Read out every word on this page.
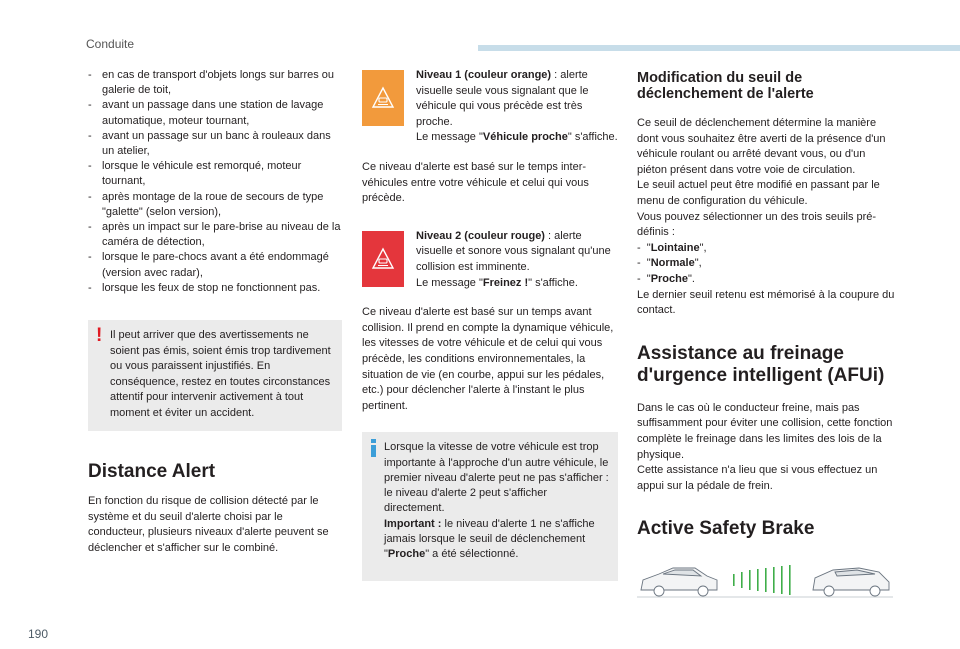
Conduite
190
- en cas de transport d'objets longs sur barres ou galerie de toit,
- avant un passage dans une station de lavage automatique, moteur tournant,
- avant un passage sur un banc à rouleaux dans un atelier,
- lorsque le véhicule est remorqué, moteur tournant,
- après montage de la roue de secours de type "galette" (selon version),
- après un impact sur le pare-brise au niveau de la caméra de détection,
- lorsque le pare-chocs avant a été endommagé (version avec radar),
- lorsque les feux de stop ne fonctionnent pas.
! Il peut arriver que des avertissements ne soient pas émis, soient émis trop tardivement ou vous paraissent injustifiés. En conséquence, restez en toutes circonstances attentif pour intervenir activement à tout moment et éviter un accident.
Distance Alert
En fonction du risque de collision détecté par le système et du seuil d'alerte choisi par le conducteur, plusieurs niveaux d'alerte peuvent se déclencher et s'afficher sur le combiné.
Niveau 1 (couleur orange) : alerte visuelle seule vous signalant que le véhicule qui vous précède est très proche.
Le message "Véhicule proche" s'affiche.
Ce niveau d'alerte est basé sur le temps inter-véhicules entre votre véhicule et celui qui vous précède.
Niveau 2 (couleur rouge) : alerte visuelle et sonore vous signalant qu'une collision est imminente.
Le message "Freinez !" s'affiche.
Ce niveau d'alerte est basé sur un temps avant collision. Il prend en compte la dynamique véhicule, les vitesses de votre véhicule et de celui qui vous précède, les conditions environnementales, la situation de vie (en courbe, appui sur les pédales, etc.) pour déclencher l'alerte à l'instant le plus pertinent.
Lorsque la vitesse de votre véhicule est trop importante à l'approche d'un autre véhicule, le premier niveau d'alerte peut ne pas s'afficher : le niveau d'alerte 2 peut s'afficher directement.
Important : le niveau d'alerte 1 ne s'affiche jamais lorsque le seuil de déclenchement "Proche" a été sélectionné.
Modification du seuil de déclenchement de l'alerte
Ce seuil de déclenchement détermine la manière dont vous souhaitez être averti de la présence d'un véhicule roulant ou arrêté devant vous, ou d'un piéton présent dans votre voie de circulation.
Le seuil actuel peut être modifié en passant par le menu de configuration du véhicule.
Vous pouvez sélectionner un des trois seuils pré-définis :
-  "Lointaine",
-  "Normale",
-  "Proche".
Le dernier seuil retenu est mémorisé à la coupure du contact.
Assistance au freinage d'urgence intelligent (AFUi)
Dans le cas où le conducteur freine, mais pas suffisamment pour éviter une collision, cette fonction complète le freinage dans les limites des lois de la physique.
Cette assistance n'a lieu que si vous effectuez un appui sur la pédale de frein.
Active Safety Brake
